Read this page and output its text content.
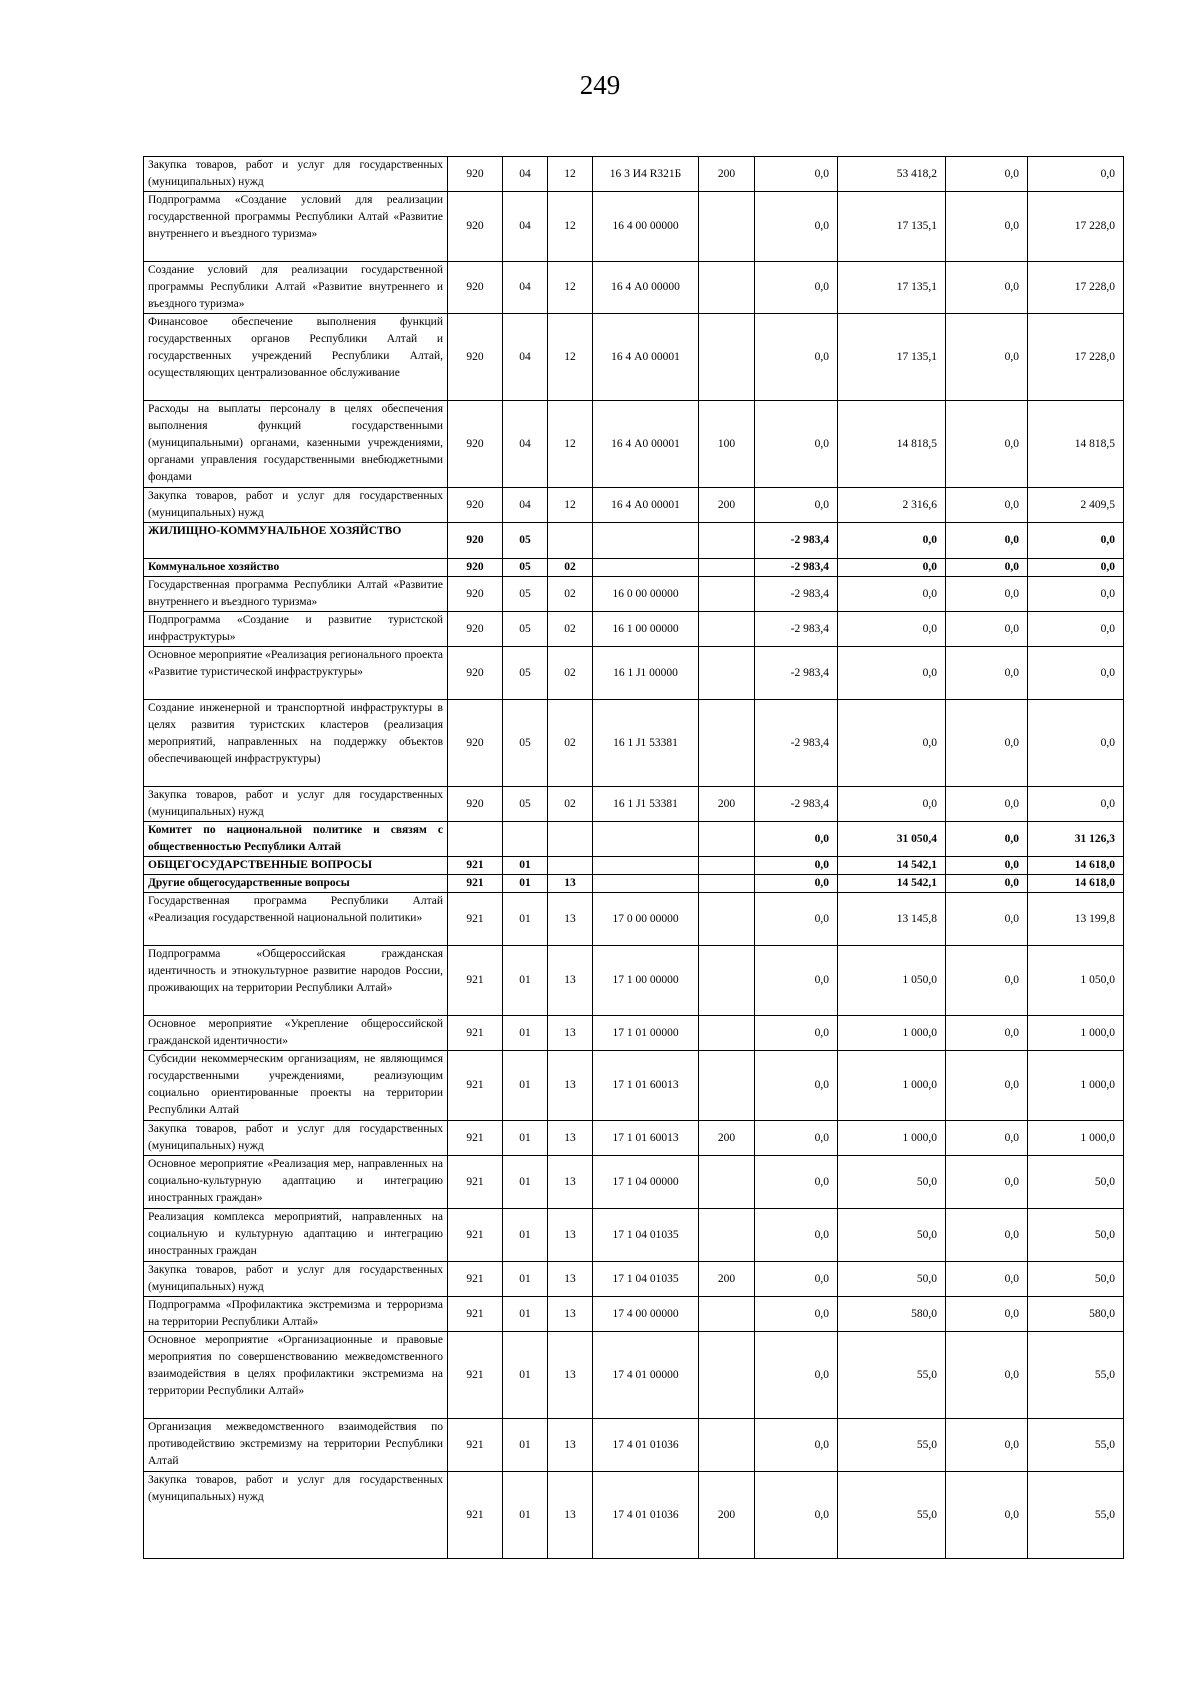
249
Закупка товаров, работ и услуг для государственных (муниципальных) нужд	920	04	12	16 3 И4 R321Б	200	0,0	53 418,2	0,0	0,0
Подпрограмма «Создание условий для реализации государственной программы Республики Алтай «Развитие внутреннего и въездного туризма»	920	04	12	16 4 00 00000		0,0	17 135,1	0,0	17 228,0
Создание условий для реализации государственной программы Республики Алтай «Развитие внутреннего и въездного туризма»	920	04	12	16 4 А0 00000		0,0	17 135,1	0,0	17 228,0
Финансовое обеспечение выполнения функций государственных органов Республики Алтай и государственных учреждений Республики Алтай, осуществляющих централизованное обслуживание	920	04	12	16 4 А0 00001		0,0	17 135,1	0,0	17 228,0
Расходы на выплаты персоналу в целях обеспечения выполнения функций государственными (муниципальными) органами, казенными учреждениями, органами управления государственными внебюджетными фондами	920	04	12	16 4 А0 00001	100	0,0	14 818,5	0,0	14 818,5
Закупка товаров, работ и услуг для государственных (муниципальных) нужд	920	04	12	16 4 А0 00001	200	0,0	2 316,6	0,0	2 409,5
ЖИЛИЩНО-КОММУНАЛЬНОЕ ХОЗЯЙСТВО	920	05				-2 983,4	0,0	0,0	0,0
Коммунальное хозяйство	920	05	02			-2 983,4	0,0	0,0	0,0
Государственная программа Республики Алтай «Развитие внутреннего и въездного туризма»	920	05	02	16 0 00 00000		-2 983,4	0,0	0,0	0,0
Подпрограмма «Создание и развитие туристской инфраструктуры»	920	05	02	16 1 00 00000		-2 983,4	0,0	0,0	0,0
Основное мероприятие «Реализация регионального проекта «Развитие туристической инфраструктуры»	920	05	02	16 1 J1 00000		-2 983,4	0,0	0,0	0,0
Создание инженерной и транспортной инфраструктуры в целях развития туристских кластеров (реализация мероприятий, направленных на поддержку объектов обеспечивающей инфраструктуры)	920	05	02	16 1 J1 53381		-2 983,4	0,0	0,0	0,0
Закупка товаров, работ и услуг для государственных (муниципальных) нужд	920	05	02	16 1 J1 53381	200	-2 983,4	0,0	0,0	0,0
Комитет по национальной политике и связям с общественностью Республики Алтай						0,0	31 050,4	0,0	31 126,3
ОБЩЕГОСУДАРСТВЕННЫЕ ВОПРОСЫ	921	01				0,0	14 542,1	0,0	14 618,0
Другие общегосударственные вопросы	921	01	13			0,0	14 542,1	0,0	14 618,0
Государственная программа Республики Алтай «Реализация государственной национальной политики»	921	01	13	17 0 00 00000		0,0	13 145,8	0,0	13 199,8
Подпрограмма «Общероссийская гражданская идентичность и этнокультурное развитие народов России, проживающих на территории Республики Алтай»	921	01	13	17 1 00 00000		0,0	1 050,0	0,0	1 050,0
Основное мероприятие «Укрепление общероссийской гражданской идентичности»	921	01	13	17 1 01 00000		0,0	1 000,0	0,0	1 000,0
Субсидии некоммерческим организациям, не являющимся государственными учреждениями, реализующим социально ориентированные проекты на территории Республики Алтай	921	01	13	17 1 01 60013		0,0	1 000,0	0,0	1 000,0
Закупка товаров, работ и услуг для государственных (муниципальных) нужд	921	01	13	17 1 01 60013	200	0,0	1 000,0	0,0	1 000,0
Основное мероприятие «Реализация мер, направленных на социально-культурную адаптацию и интеграцию иностранных граждан»	921	01	13	17 1 04 00000		0,0	50,0	0,0	50,0
Реализация комплекса мероприятий, направленных на социальную и культурную адаптацию и интеграцию иностранных граждан	921	01	13	17 1 04 01035		0,0	50,0	0,0	50,0
Закупка товаров, работ и услуг для государственных (муниципальных) нужд	921	01	13	17 1 04 01035	200	0,0	50,0	0,0	50,0
Подпрограмма «Профилактика экстремизма и терроризма на территории Республики Алтай»	921	01	13	17 4 00 00000		0,0	580,0	0,0	580,0
Основное мероприятие «Организационные и правовые мероприятия по совершенствованию межведомственного взаимодействия в целях профилактики экстремизма на территории Республики Алтай»	921	01	13	17 4 01 00000		0,0	55,0	0,0	55,0
Организация межведомственного взаимодействия по противодействию экстремизму на территории Республики Алтай	921	01	13	17 4 01 01036		0,0	55,0	0,0	55,0
Закупка товаров, работ и услуг для государственных (муниципальных) нужд	921	01	13	17 4 01 01036	200	0,0	55,0	0,0	55,0
